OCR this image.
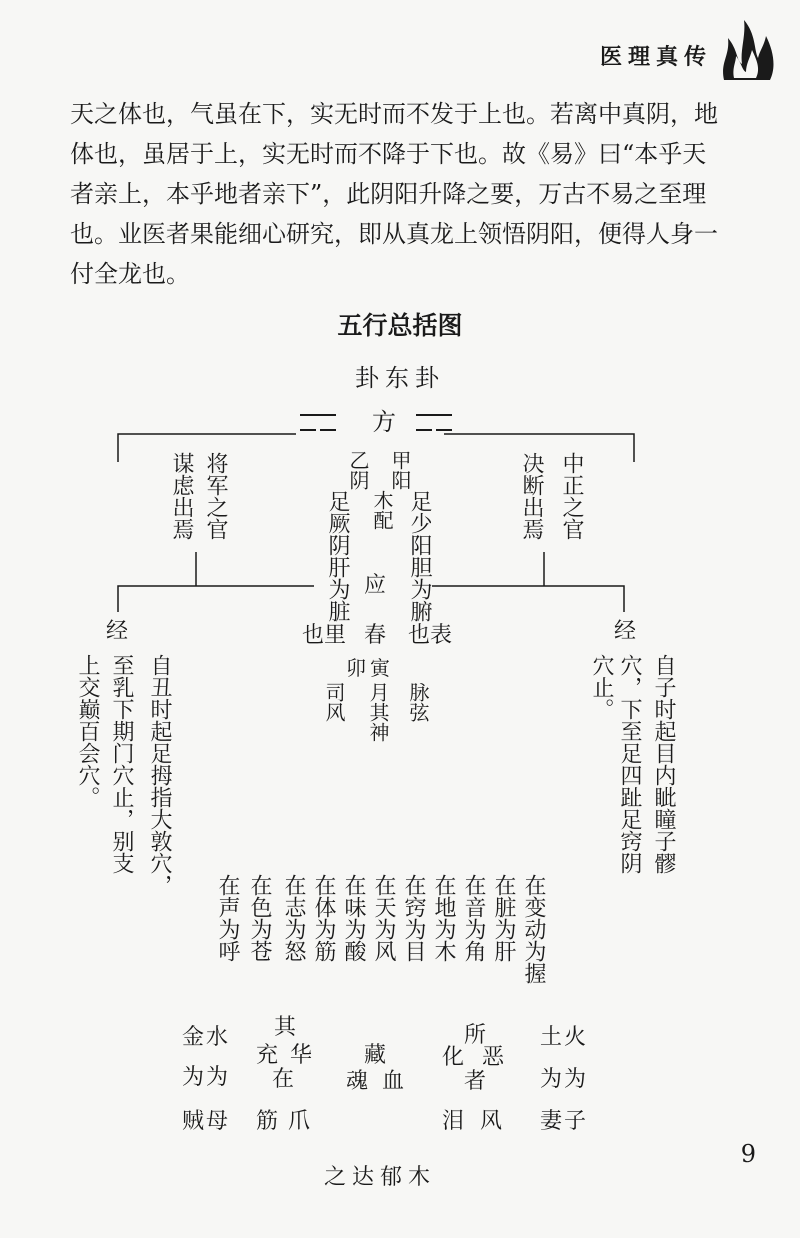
医理真传
天之体也，气虽在下，实无时而不发于上也。若离中真阴，地
体也，虽居于上，实无时而不降于下也。故《易》曰“本乎天
者亲上，本乎地者亲下”，此阴阳升降之要，万古不易之至理
也。业医者果能细心研究，即从真龙上领悟阴阳，便得人身一
付全龙也。
五行总括图
卦东卦
方
将军之官
谋虑出焉	中正之官
决断出焉
甲阳
木配 足少阳胆为腑
乙阴
足厥阴肝为脏 应
也里 春 也表
卯寅
脉弦
月其神
司风
经
自丑时起足拇指大敦穴，
至乳下期门穴止，别支
上交巅百会穴。
经
自子时起目内眦瞳子髎
穴，下至足四趾足窍阴
穴止。
在变动为握
在脏为肝
在音为角
在地为木
在窍为目
在天为风
在味为酸
在体为筋
在志为怒
在色为苍
在声为呼
金水
为为
贼母
其
充
在
筋
华
爪
藏
魂 血
所
化
者
泪
恶
风
土火
为为
妻子
之达郁木
9
